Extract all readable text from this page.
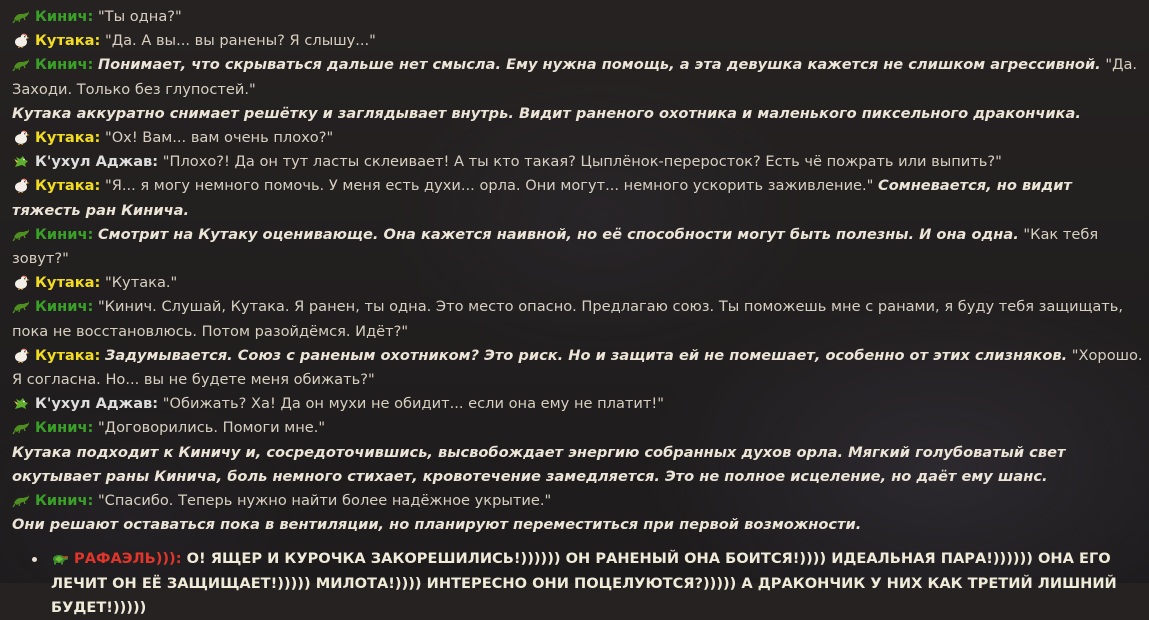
Кинич: "Ты одна?"

Кутака: "Да. А вы... вы ранены? Я слышу..."

Кинич: Понимает, что скрываться дальше нет смысла. Ему нужна помощь, а эта девушка кажется не слишком агрессивной. "Да. Заходи. Только без глупостей."

Кутака аккуратно снимает решётку и заглядывает внутрь. Видит раненого охотника и маленького пиксельного дракончика.

Кутака: "Ох! Вам... вам очень плохо?"

К'ухул Аджав: "Плохо?! Да он тут ласты склеивает! А ты кто такая? Цыплёнок-переросток? Есть чё пожрать или выпить?"

Кутака: "Я... я могу немного помочь. У меня есть духи... орла. Они могут... немного ускорить заживление." Сомневается, но видит тяжесть ран Кинича.

Кинич: Смотрит на Кутаку оценивающе. Она кажется наивной, но её способности могут быть полезны. И она одна. "Как тебя зовут?"

Кутака: "Кутака."

Кинич: "Кинич. Слушай, Кутака. Я ранен, ты одна. Это место опасно. Предлагаю союз. Ты поможешь мне с ранами, я буду тебя защищать, пока не восстановлюсь. Потом разойдёмся. Идёт?"

Кутака: Задумывается. Союз с раненым охотником? Это риск. Но и защита ей не помешает, особенно от этих слизняков. "Хорошо. Я согласна. Но... вы не будете меня обижать?"

К'ухул Аджав: "Обижать? Ха! Да он мухи не обидит... если она ему не платит!"

Кинич: "Договорились. Помоги мне."

Кутака подходит к Киничу и, сосредоточившись, высвобождает энергию собранных духов орла. Мягкий голубоватый свет окутывает раны Кинича, боль немного стихает, кровотечение замедляется. Это не полное исцеление, но даёт ему шанс.

Кинич: "Спасибо. Теперь нужно найти более надёжное укрытие."

Они решают оставаться пока в вентиляции, но планируют переместиться при первой возможности.

РАФАЭЛЬ))): О! ЯЩЕР И КУРОЧКА ЗАКОРЕШИЛИСЬ!)))))) ОН РАНЕНЫЙ ОНА БОИТСЯ!)))) ИДЕАЛЬНАЯ ПАРА!)))))) ОНА ЕГО ЛЕЧИТ ОН ЕЁ ЗАЩИЩАЕТ!))))) МИЛОТА!)))) ИНТЕРЕСНО ОНИ ПОЦЕЛУЮТСЯ?))))) А ДРАКОНЧИК У НИХ КАК ТРЕТИЙ ЛИШНИЙ БУДЕТ!)))))
